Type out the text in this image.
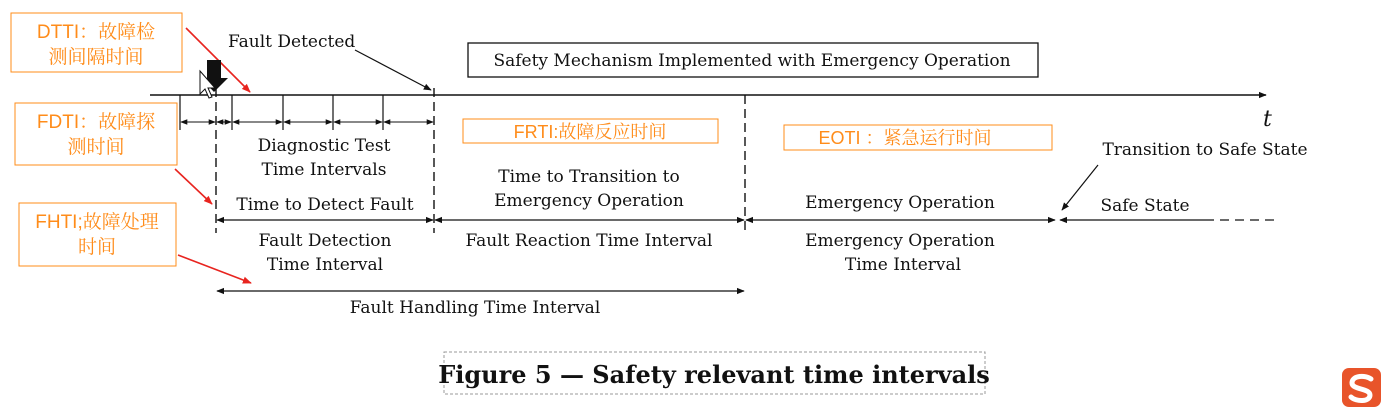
DTTI：故障检
测间隔时间
FDTI：故障探
测时间
FHTI;故障处理
时间
FRTI:故障反应时间	EOTI ：紧急运行时间
t
Fault Detected
Safety Mechanism Implemented with Emergency Operation
Diagnostic Test
Time Intervals
Time to Detect Fault
Time to Transition to
Emergency Operation	Emergency Operation
Transition to Safe State
Safe State
Fault Detection
Time Interval
Fault Reaction Time Interval	Emergency Operation
Time Interval
Fault Handling Time Interval
Figure 5 — Safety relevant time intervals
